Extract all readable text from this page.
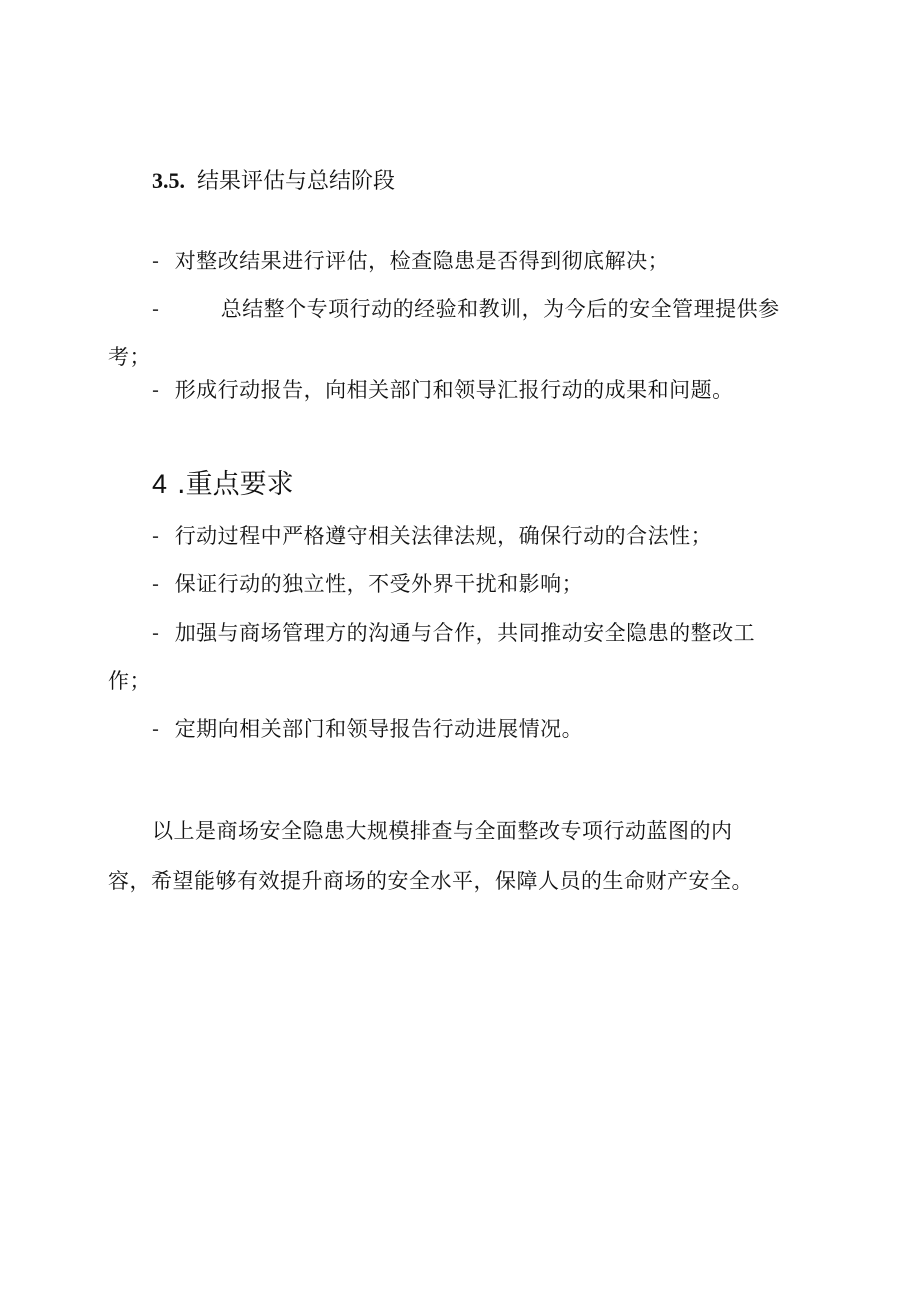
3.5. 结果评估与总结阶段
- 对整改结果进行评估，检查隐患是否得到彻底解决；
-	总结整个专项行动的经验和教训，为今后的安全管理提供参
考；
- 形成行动报告，向相关部门和领导汇报行动的成果和问题。
4 .重点要求
- 行动过程中严格遵守相关法律法规，确保行动的合法性；
- 保证行动的独立性，不受外界干扰和影响；
- 加强与商场管理方的沟通与合作，共同推动安全隐患的整改工
作；
- 定期向相关部门和领导报告行动进展情况。
以上是商场安全隐患大规模排查与全面整改专项行动蓝图的内
容，希望能够有效提升商场的安全水平，保障人员的生命财产安全。
